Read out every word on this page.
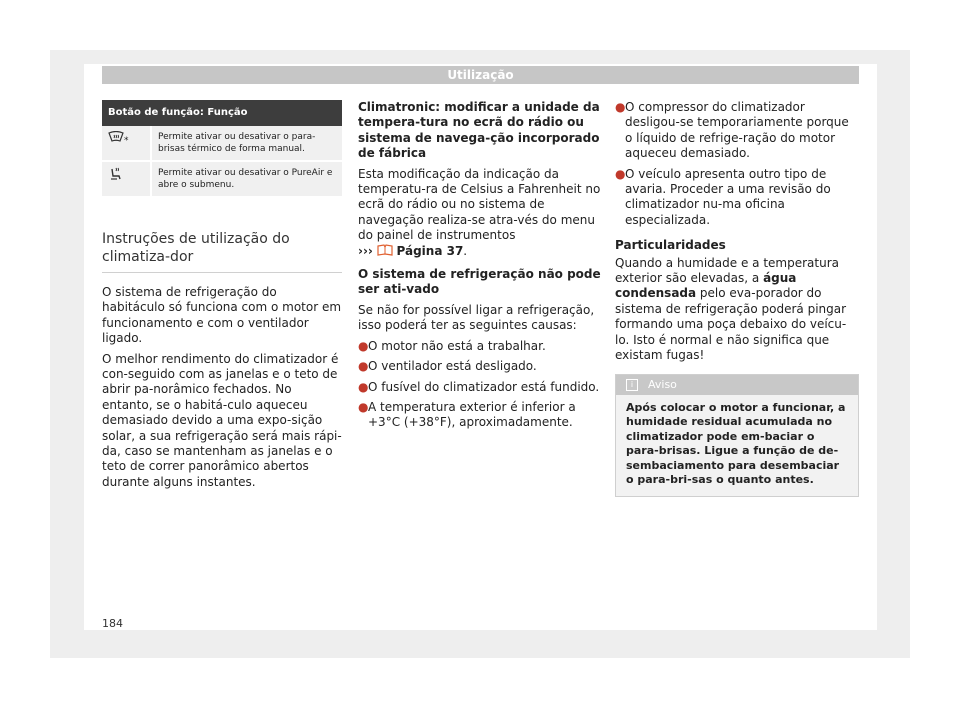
Utilização
Botão de função: Função	
*	Permite ativar ou desativar o para-brisas térmico de forma manual.
	Permite ativar ou desativar o PureAir e abre o submenu.
Instruções de utilização do climatiza-dor

O sistema de refrigeração do habitáculo só funciona com o motor em funcionamento e com o ventilador ligado.

O melhor rendimento do climatizador é con-seguido com as janelas e o teto de abrir pa-norâmico fechados. No entanto, se o habitá-culo aqueceu demasiado devido a uma expo-sição solar, a sua refrigeração será mais rápi-da, caso se mantenham as janelas e o teto de correr panorâmico abertos durante alguns instantes.

Climatronic: modificar a unidade da tempera-tura no ecrã do rádio ou sistema de navega-ção incorporado de fábrica

Esta modificação da indicação da temperatu-ra de Celsius a Fahrenheit no ecrã do rádio ou no sistema de navegação realiza-se atra-vés do menu do painel de instrumentos
››› Página 37.

O sistema de refrigeração não pode ser ati-vado

Se não for possível ligar a refrigeração, isso poderá ter as seguintes causas:

● O motor não está a trabalhar.
● O ventilador está desligado.
● O fusível do climatizador está fundido.
● A temperatura exterior é inferior a +3°C (+38°F), aproximadamente.
● O compressor do climatizador desligou-se temporariamente porque o líquido de refrige-ração do motor aqueceu demasiado.
● O veículo apresenta outro tipo de avaria. Proceder a uma revisão do climatizador nu-ma oficina especializada.

Particularidades

Quando a humidade e a temperatura exterior são elevadas, a água condensada pelo eva-porador do sistema de refrigeração poderá pingar formando uma poça debaixo do veícu-lo. Isto é normal e não significa que existam fugas!

i Aviso
Após colocar o motor a funcionar, a humidade residual acumulada no climatizador pode em-baciar o para-brisas. Ligue a função de de-sembaciamento para desembaciar o para-bri-sas o quanto antes.
184
